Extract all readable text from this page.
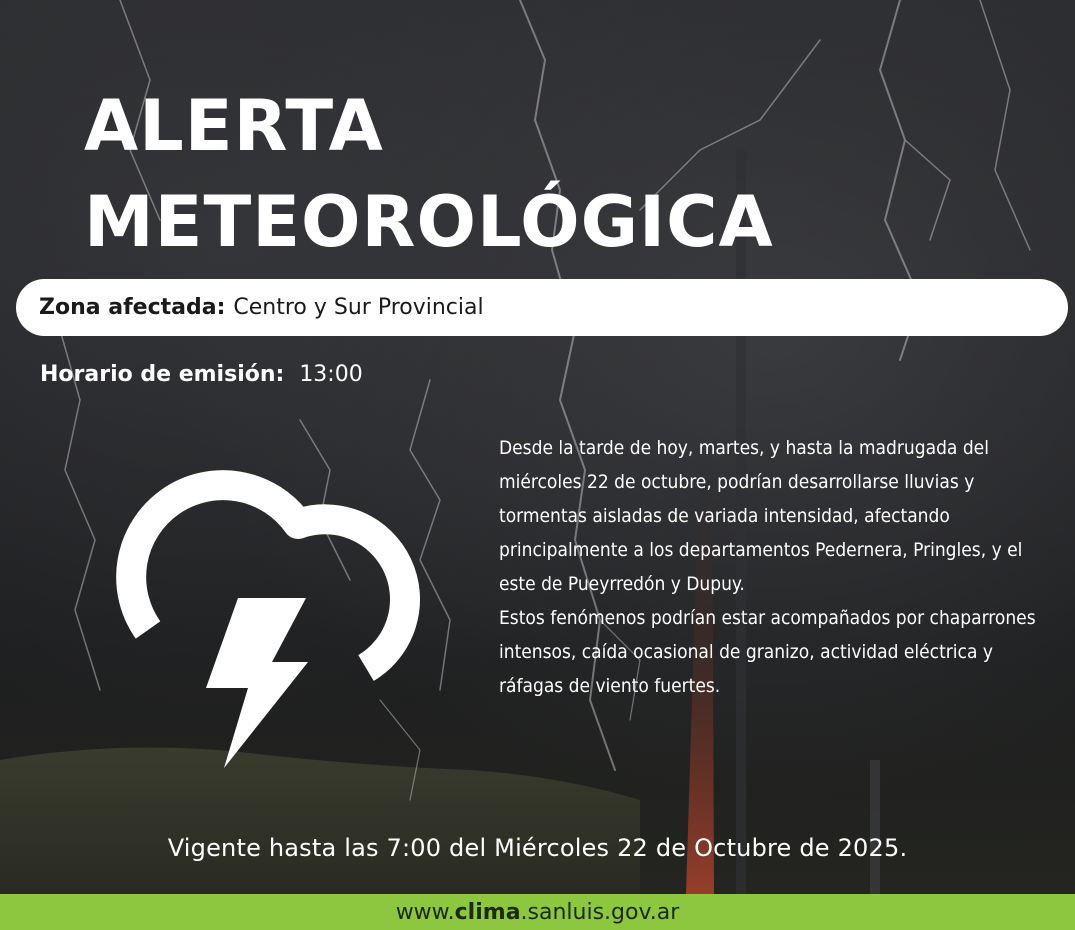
ALERTA
METEOROLÓGICA
Zona afectada: Centro y Sur Provincial
Horario de emisión: 13:00

Desde la tarde de hoy, martes, y hasta la madrugada del miércoles 22 de octubre, podrían desarrollarse lluvias y tormentas aisladas de variada intensidad, afectando principalmente a los departamentos Pedernera, Pringles, y el este de Pueyrredón y Dupuy.

Estos fenómenos podrían estar acompañados por chaparrones intensos, caída ocasional de granizo, actividad eléctrica y ráfagas de viento fuertes.

Vigente hasta las 7:00 del Miércoles 22 de Octubre de 2025.
www.clima.sanluis.gov.ar
